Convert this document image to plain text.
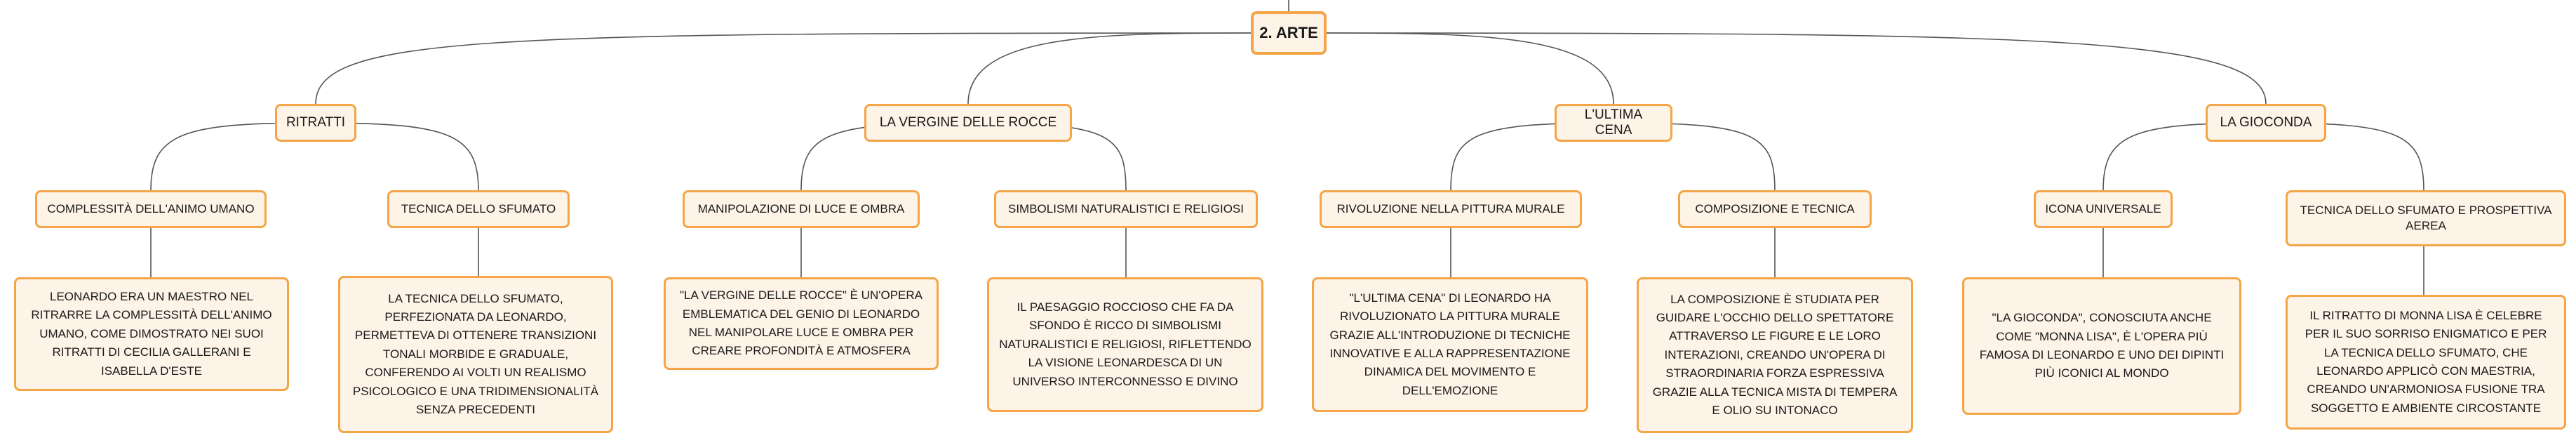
2. ARTE
RITRATTI	LA VERGINE DELLE ROCCE
L'ULTIMA CENA
LA GIOCONDA
COMPLESSITÀ DELL'ANIMO UMANO	TECNICA DELLO SFUMATO	MANIPOLAZIONE DI LUCE E OMBRA	SIMBOLISMI NATURALISTICI E RELIGIOSI	RIVOLUZIONE NELLA PITTURA MURALE	COMPOSIZIONE E TECNICA	ICONA UNIVERSALE	TECNICA DELLO SFUMATO E PROSPETTIVA AEREA
LEONARDO ERA UN MAESTRO NEL RITRARRE LA COMPLESSITÀ DELL'ANIMO UMANO, COME DIMOSTRATO NEI SUOI RITRATTI DI CECILIA GALLERANI E ISABELLA D'ESTE
LA TECNICA DELLO SFUMATO, PERFEZIONATA DA LEONARDO, PERMETTEVA DI OTTENERE TRANSIZIONI TONALI MORBIDE E GRADUALE, CONFERENDO AI VOLTI UN REALISMO PSICOLOGICO E UNA TRIDIMENSIONALITÀ SENZA PRECEDENTI
"LA VERGINE DELLE ROCCE" È UN'OPERA EMBLEMATICA DEL GENIO DI LEONARDO NEL MANIPOLARE LUCE E OMBRA PER CREARE PROFONDITÀ E ATMOSFERA
IL PAESAGGIO ROCCIOSO CHE FA DA SFONDO È RICCO DI SIMBOLISMI NATURALISTICI E RELIGIOSI, RIFLETTENDO LA VISIONE LEONARDESCA DI UN UNIVERSO INTERCONNESSO E DIVINO
"L'ULTIMA CENA" DI LEONARDO HA RIVOLUZIONATO LA PITTURA MURALE GRAZIE ALL'INTRODUZIONE DI TECNICHE INNOVATIVE E ALLA RAPPRESENTAZIONE DINAMICA DEL MOVIMENTO E DELL'EMOZIONE
LA COMPOSIZIONE È STUDIATA PER GUIDARE L'OCCHIO DELLO SPETTATORE ATTRAVERSO LE FIGURE E LE LORO INTERAZIONI, CREANDO UN'OPERA DI STRAORDINARIA FORZA ESPRESSIVA GRAZIE ALLA TECNICA MISTA DI TEMPERA E OLIO SU INTONACO
"LA GIOCONDA", CONOSCIUTA ANCHE COME "MONNA LISA", È L'OPERA PIÙ FAMOSA DI LEONARDO E UNO DEI DIPINTI PIÙ ICONICI AL MONDO
IL RITRATTO DI MONNA LISA È CELEBRE PER IL SUO SORRISO ENIGMATICO E PER LA TECNICA DELLO SFUMATO, CHE LEONARDO APPLICÒ CON MAESTRIA, CREANDO UN'ARMONIOSA FUSIONE TRA SOGGETTO E AMBIENTE CIRCOSTANTE
